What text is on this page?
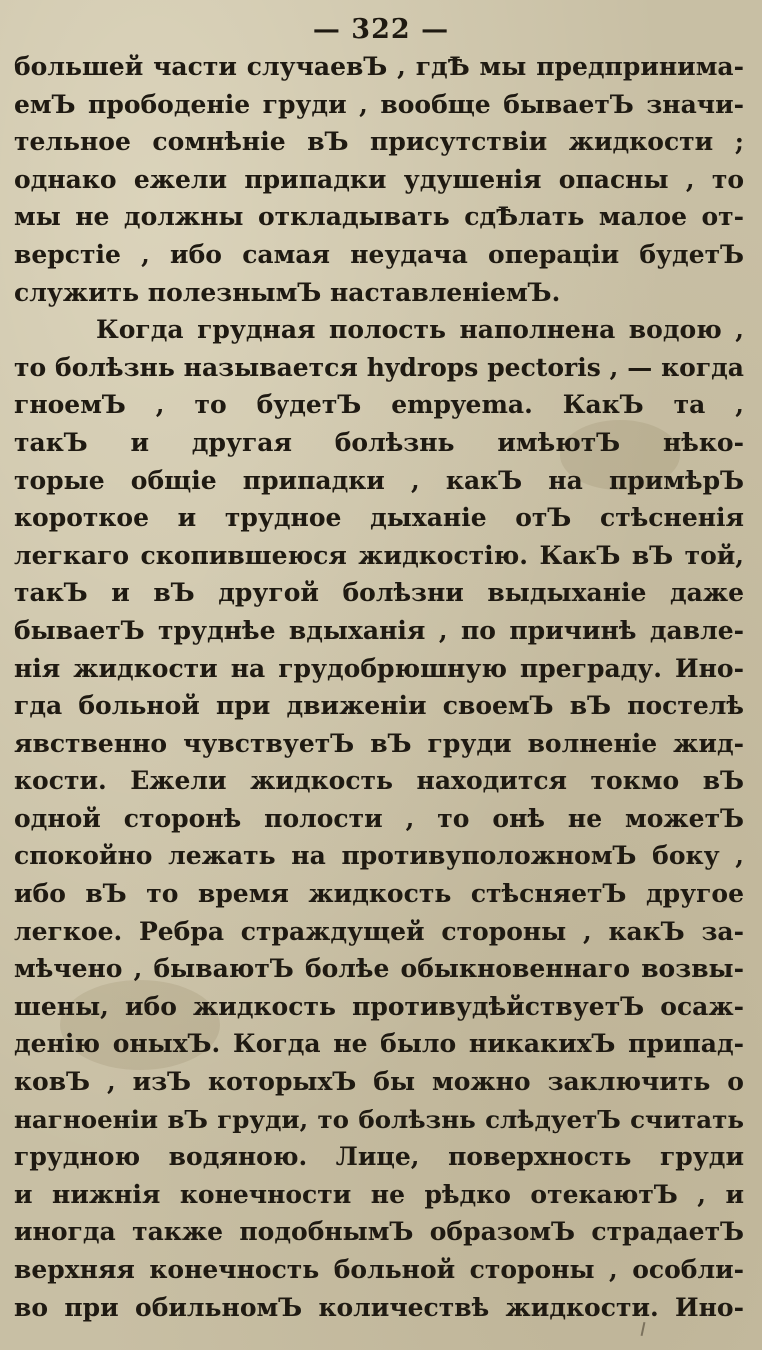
— 322 —
большей части случаевЪ , гдѢ мы предпринима-
емЪ прободеніе груди , вообще бываетЪ значи-
тельное сомнѣніе вЪ присутствіи жидкости ;
однако ежели припадки удушенія опасны , то
мы не должны откладывать сдѢлать малое от-
верстіе , ибо самая неудача операціи будетЪ
служить полезнымЪ наставленіемЪ.
Когда грудная полость наполнена водою ,
то болѣзнь называется hydrops pectoris , — когда
гноемЪ , то будетЪ empyema. КакЪ та ,
такЪ и другая болѣзнь имѣютЪ нѣко-
торые общіе припадки , какЪ на примѣрЪ
короткое и трудное дыханіе отЪ стѣсненія
легкаго скопившеюся жидкостію. КакЪ вЪ той,
такЪ и вЪ другой болѣзни выдыханіе даже
бываетЪ труднѣе вдыханія , по причинѣ давле-
нія жидкости на грудобрюшную преграду. Ино-
гда больной при движеніи своемЪ вЪ постелѣ
явственно чувствуетЪ вЪ груди волненіе жид-
кости. Ежели жидкость находится токмо вЪ
одной сторонѣ полости , то онѣ не можетЪ
спокойно лежать на противуположномЪ боку ,
ибо вЪ то время жидкость стѣсняетЪ другое
легкое. Ребра страждущей стороны , какЪ за-
мѣчено , бываютЪ болѣе обыкновеннаго возвы-
шены, ибо жидкость противудѣйствуетЪ осаж-
денію оныхЪ. Когда не было никакихЪ припад-
ковЪ , изЪ которыхЪ бы можно заключить о
нагноеніи вЪ груди, то болѣзнь слѣдуетЪ считать
грудною водяною. Лице, поверхность груди
и нижнія конечности не рѣдко отекаютЪ , и
иногда также подобнымЪ образомЪ страдаетЪ
верхняя конечность больной стороны , особли-
во при обильномЪ количествѣ жидкости. Ино-
